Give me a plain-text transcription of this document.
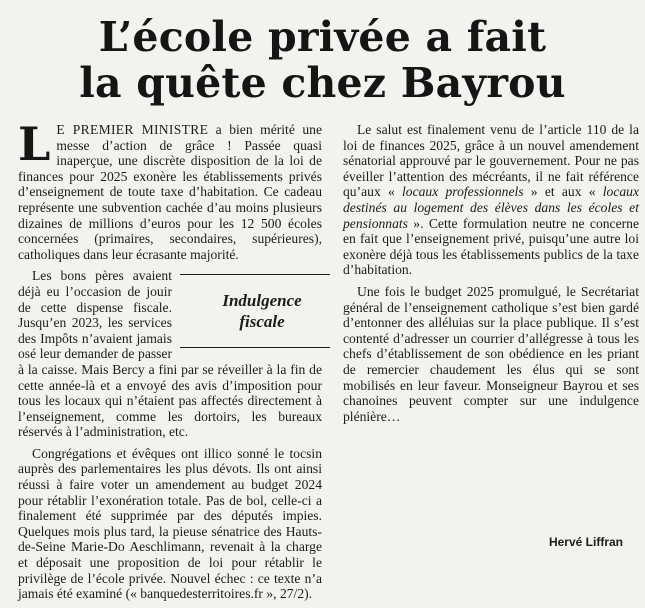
L’école privée a fait
la quête chez Bayrou

L E PREMIER MINISTRE a bien mérité une messe d’action de grâce ! Passée quasi inaperçue, une discrète disposition de la loi de finances pour 2025 exonère les établissements privés d’enseignement de toute taxe d’habitation. Ce cadeau représente une subvention cachée d’au moins plusieurs dizaines de millions d’euros pour les 12 500 écoles concernées (primaires, secondaires, supérieures), catholiques dans leur écrasante majorité.

Indulgence
fiscale
Les bons pères avaient déjà eu l’occasion de jouir de cette dispense fiscale. Jusqu’en 2023, les services des Impôts n’avaient jamais osé leur demander de passer à la caisse. Mais Bercy a fini par se réveiller à la fin de cette année-là et a envoyé des avis d’imposition pour tous les locaux qui n’étaient pas affectés directement à l’enseignement, comme les dortoirs, les bureaux réservés à l’administration, etc.

Congrégations et évêques ont illico sonné le tocsin auprès des parlementaires les plus dévots. Ils ont ainsi réussi à faire voter un amendement au budget 2024 pour rétablir l’exonération totale. Pas de bol, celle-ci a finalement été supprimée par des députés impies. Quelques mois plus tard, la pieuse sénatrice des Hauts-de-Seine Marie-Do Aeschlimann, revenait à la charge et déposait une proposition de loi pour rétablir le privilège de l’école privée. Nouvel échec : ce texte n’a jamais été examiné (« banquedesterritoires.fr », 27/2).

Le salut est finalement venu de l’article 110 de la loi de finances 2025, grâce à un nouvel amendement sénatorial approuvé par le gouvernement. Pour ne pas éveiller l’attention des mécréants, il ne fait référence qu’aux « locaux professionnels » et aux « locaux destinés au logement des élèves dans les écoles et pensionnats ». Cette formulation neutre ne concerne en fait que l’enseignement privé, puisqu’une autre loi exonère déjà tous les établissements publics de la taxe d’habitation.

Une fois le budget 2025 promulgué, le Secrétariat général de l’enseignement catholique s’est bien gardé d’entonner des alléluias sur la place publique. Il s’est contenté d’adresser un courrier d’allégresse à tous les chefs d’établissement de son obédience en les priant de remercier chaudement les élus qui se sont mobilisés en leur faveur. Monseigneur Bayrou et ses chanoines peuvent compter sur une indulgence plénière…

Hervé Liffran
